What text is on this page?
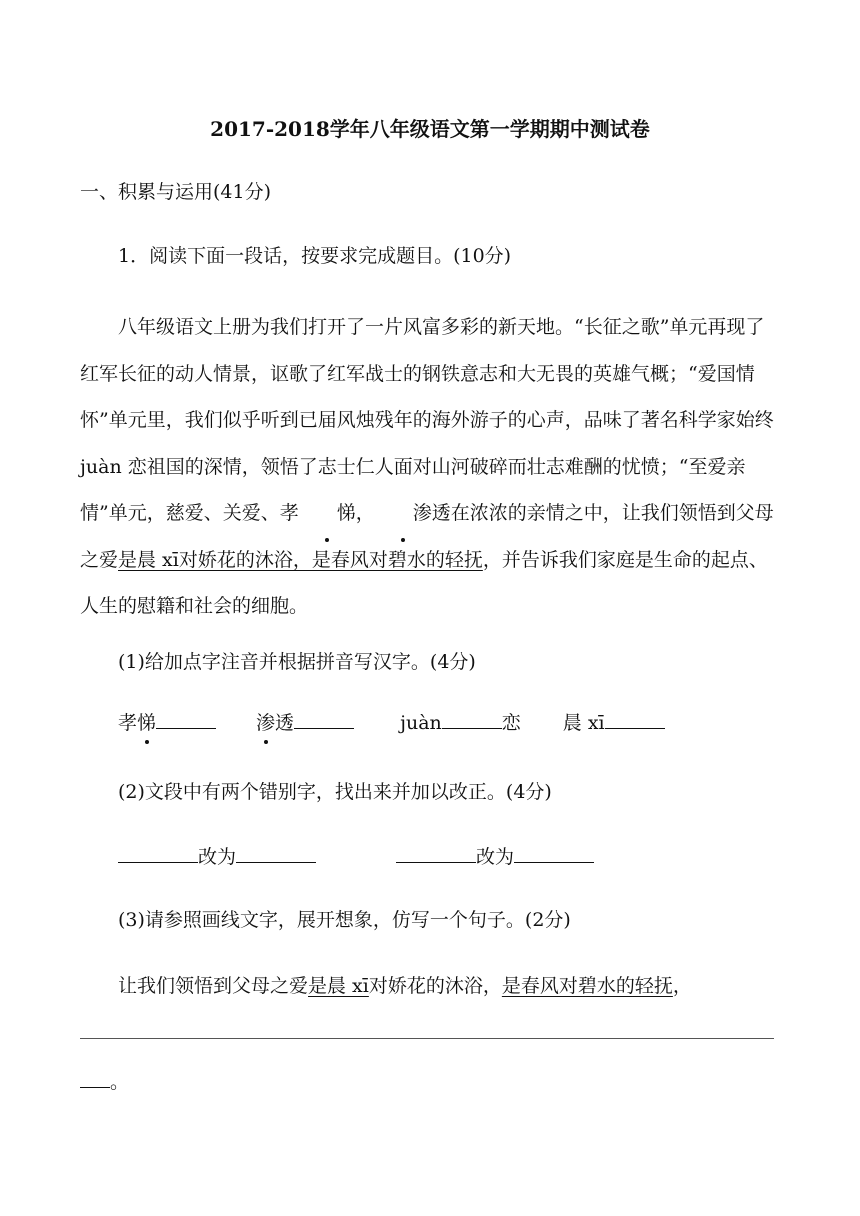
2017-2018学年八年级语文第一学期期中测试卷
一、积累与运用(41分)
1．阅读下面一段话，按要求完成题目。(10分)
八年级语文上册为我们打开了一片风富多彩的新天地。“长征之歌”单元再现了红军长征的动人情景，讴歌了红军战士的钢铁意志和大无畏的英雄气概；“爱国情怀”单元里，我们似乎听到已届风烛残年的海外游子的心声，品味了著名科学家始终 juàn 恋祖国的深情，领悟了志士仁人面对山河破碎而壮志难酬的忧愤；“至爱亲情”单元，慈爱、关爱、孝 悌， 渗透在浓浓的亲情之中，让我们领悟到父母之爱是晨 xī对娇花的沐浴，是春风对碧水的轻抚，并告诉我们家庭是生命的起点、人生的慰籍和社会的细胞。
(1)给加点字注音并根据拼音写汉字。(4分)
孝悌	渗透	juàn	恋 晨 xī
(2)文段中有两个错别字，找出来并加以改正。(4分)
改为	改为
(3)请参照画线文字，展开想象，仿写一个句子。(2分)
让我们领悟到父母之爱是晨 xī对娇花的沐浴，是春风对碧水的轻抚，
。
